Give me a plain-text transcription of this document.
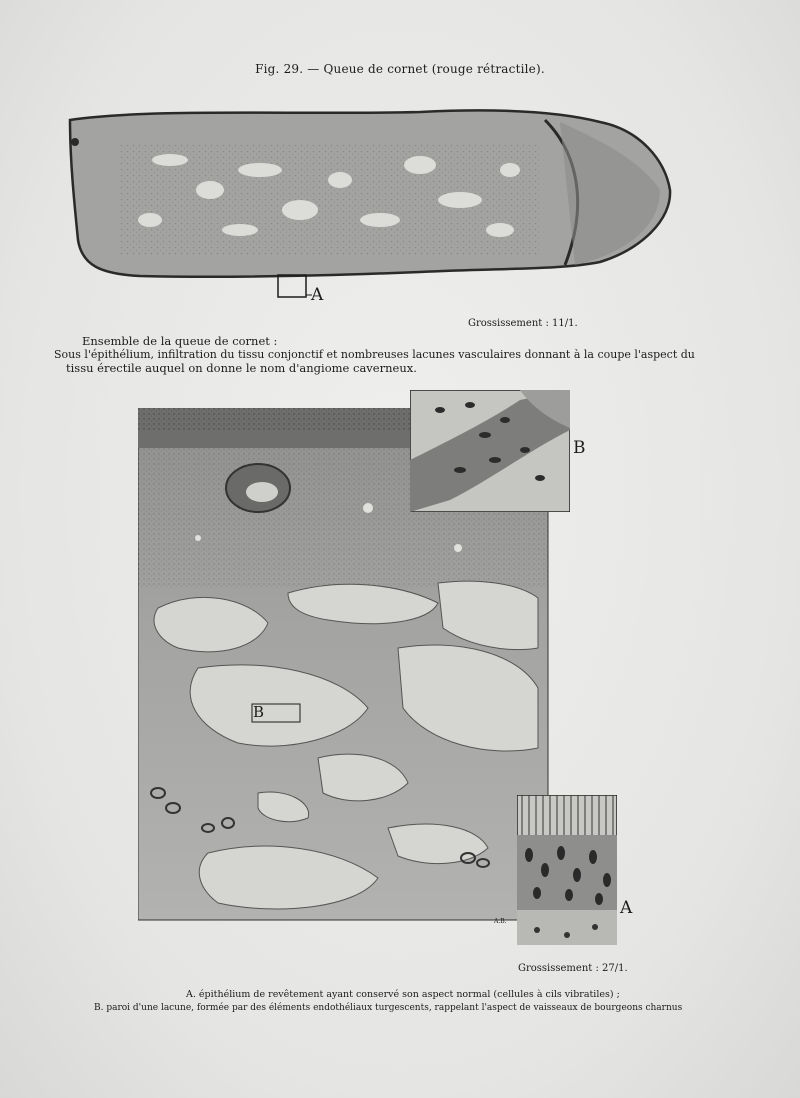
Fig. 29. — Queue de cornet (rouge rétractile).
A
Grossissement : 11/1.
Ensemble de la queue de cornet :
Sous l'épithélium, infiltration du tissu conjonctif et nombreuses lacunes vasculaires donnant à la coupe l'aspect du
tissu érectile auquel on donne le nom d'angiome caverneux.
B
A.B.
B
A
Grossissement : 27/1.
A. épithélium de revêtement ayant conservé son aspect normal (cellules à cils vibratiles) ;
B. paroi d'une lacune, formée par des éléments endothéliaux turgescents, rappelant l'aspect de vaisseaux de bourgeons charnus
